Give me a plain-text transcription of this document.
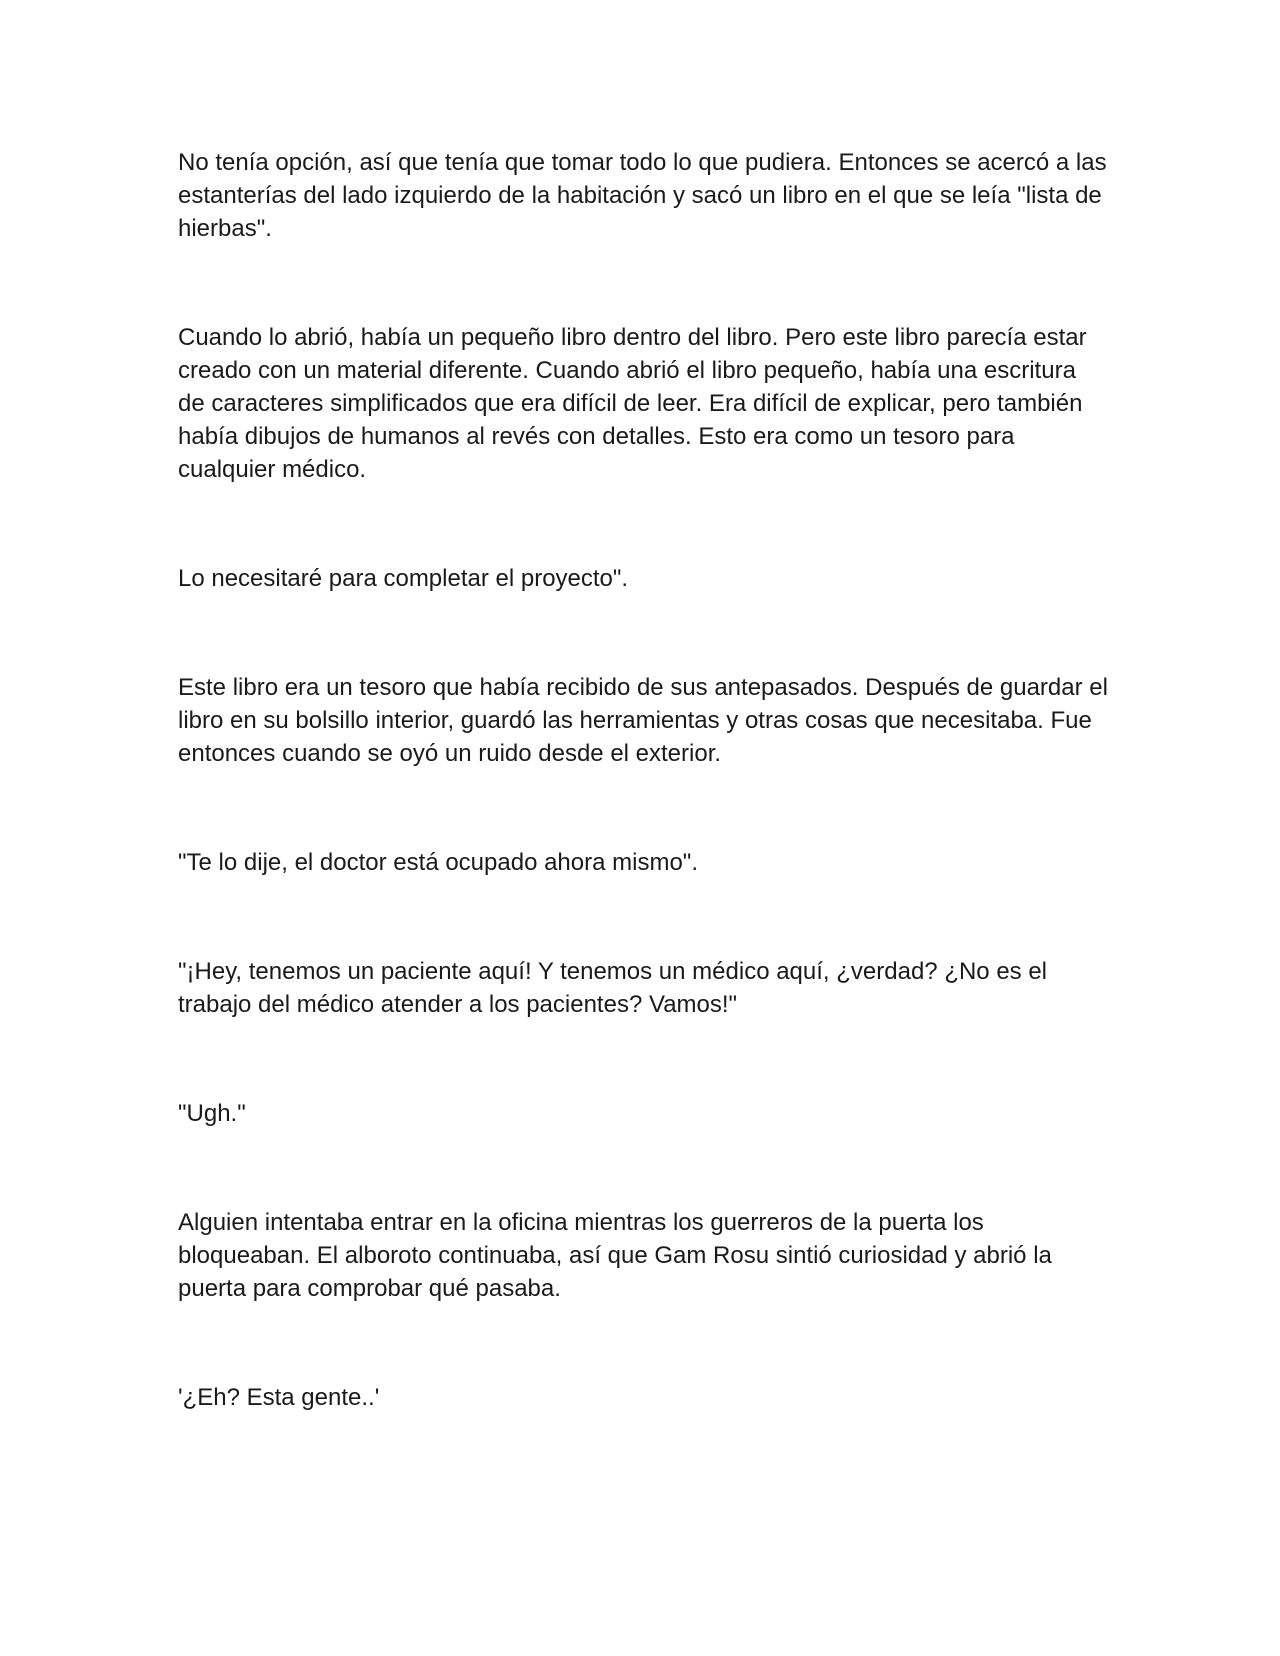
No tenía opción, así que tenía que tomar todo lo que pudiera. Entonces se acercó a las estanterías del lado izquierdo de la habitación y sacó un libro en el que se leía "lista de hierbas".

Cuando lo abrió, había un pequeño libro dentro del libro. Pero este libro parecía estar creado con un material diferente. Cuando abrió el libro pequeño, había una escritura de caracteres simplificados que era difícil de leer. Era difícil de explicar, pero también había dibujos de humanos al revés con detalles. Esto era como un tesoro para cualquier médico.

Lo necesitaré para completar el proyecto".

Este libro era un tesoro que había recibido de sus antepasados. Después de guardar el libro en su bolsillo interior, guardó las herramientas y otras cosas que necesitaba. Fue entonces cuando se oyó un ruido desde el exterior.

"Te lo dije, el doctor está ocupado ahora mismo".

"¡Hey, tenemos un paciente aquí! Y tenemos un médico aquí, ¿verdad? ¿No es el trabajo del médico atender a los pacientes? Vamos!"

"Ugh."

Alguien intentaba entrar en la oficina mientras los guerreros de la puerta los bloqueaban. El alboroto continuaba, así que Gam Rosu sintió curiosidad y abrió la puerta para comprobar qué pasaba.

'¿Eh? Esta gente..'
